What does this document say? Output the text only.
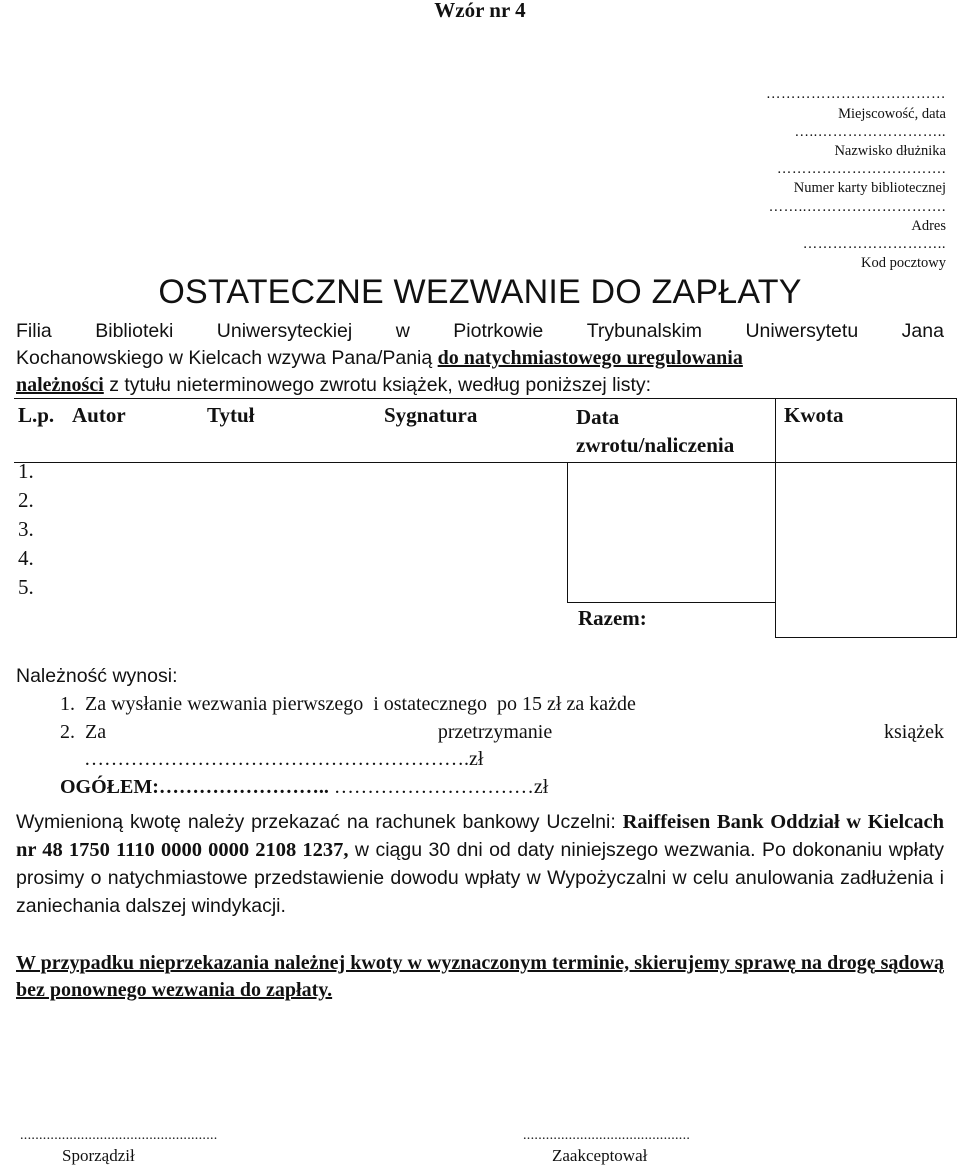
Wzór nr 4
………………………………
Miejscowość, data
…..……………………..
Nazwisko dłużnika
…………………………….
Numer karty bibliotecznej
……..……………………….
Adres
………………………..
Kod pocztowy
OSTATECZNE WEZWANIE DO ZAPŁATY
Filia Biblioteki Uniwersyteckiej w Piotrkowie Trybunalskim Uniwersytetu Jana
Kochanowskiego w Kielcach wzywa Pana/Panią do natychmiastowego uregulowania
należności z tytułu nieterminowego zwrotu książek, według poniższej listy:
L.p.	Autor	Tytuł	Sygnatura	Data zwrotu/naliczenia	Kwota
1.					
2.					
3.					
4.					
5.					
Razem:
Należność wynosi:
1.  Za wysłanie wezwania pierwszego  i ostatecznego  po 15 zł za każde
2.  Za	przetrzymanie	książek
………………………………………………….zł
OGÓŁEM:…………………….. …………………………zł
Wymienioną kwotę należy przekazać na rachunek bankowy Uczelni: Raiffeisen Bank Oddział w Kielcach nr 48 1750 1110 0000 0000 2108 1237, w ciągu 30 dni od daty niniejszego wezwania. Po dokonaniu wpłaty prosimy o natychmiastowe przedstawienie dowodu wpłaty w Wypożyczalni w celu anulowania zadłużenia i zaniechania dalszej windykacji.
W przypadku nieprzekazania należnej kwoty w wyznaczonym terminie, skierujemy sprawę na drogę sądową bez ponownego wezwania do zapłaty.
....................................................
Sporządził
............................................
Zaakceptował
